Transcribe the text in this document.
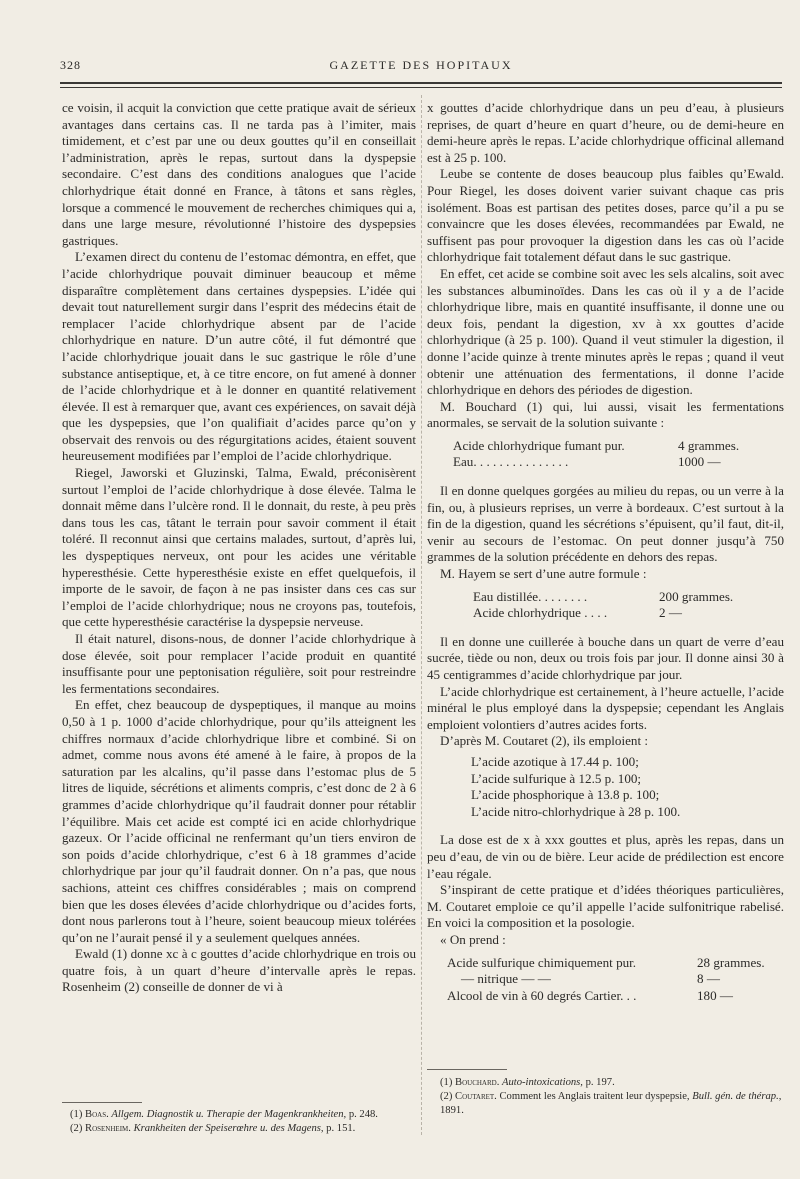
328	GAZETTE DES HOPITAUX

ce voisin, il acquit la conviction que cette pratique avait de sérieux avantages dans certains cas. Il ne tarda pas à l’imiter, mais timidement, et c’est par une ou deux gouttes qu’il en conseillait l’administration, après le repas, surtout dans la dyspepsie secondaire. C’est dans des conditions analogues que l’acide chlorhydrique était donné en France, à tâtons et sans règles, lorsque a commencé le mouvement de recherches chimiques qui a, dans une large mesure, révolutionné l’histoire des dyspepsies gastriques.

L’examen direct du contenu de l’estomac démontra, en effet, que l’acide chlorhydrique pouvait diminuer beaucoup et même disparaître complètement dans certaines dyspepsies. L’idée qui devait tout naturellement surgir dans l’esprit des médecins était de remplacer l’acide chlorhydrique absent par de l’acide chlorhydrique en nature. D’un autre côté, il fut démontré que l’acide chlorhydrique jouait dans le suc gastrique le rôle d’une substance antiseptique, et, à ce titre encore, on fut amené à donner de l’acide chlorhydrique et à le donner en quantité relativement élevée. Il est à remarquer que, avant ces expériences, on savait déjà que les dyspepsies, que l’on qualifiait d’acides parce qu’on y observait des renvois ou des régurgitations acides, étaient souvent heureusement modifiées par l’emploi de l’acide chlorhydrique.

Riegel, Jaworski et Gluzinski, Talma, Ewald, préconisèrent surtout l’emploi de l’acide chlorhydrique à dose élevée. Talma le donnait même dans l’ulcère rond. Il le donnait, du reste, à peu près dans tous les cas, tâtant le terrain pour savoir comment il était toléré. Il reconnut ainsi que certains malades, surtout, d’après lui, les dyspeptiques nerveux, ont pour les acides une véritable hyperesthésie. Cette hyperesthésie existe en effet quelquefois, il importe de le savoir, de façon à ne pas insister dans ces cas sur l’emploi de l’acide chlorhydrique; nous ne croyons pas, toutefois, que cette hyperesthésie caractérise la dyspepsie nerveuse.

Il était naturel, disons-nous, de donner l’acide chlorhydrique à dose élevée, soit pour remplacer l’acide produit en quantité insuffisante pour une peptonisation régulière, soit pour restreindre les fermentations secondaires.

En effet, chez beaucoup de dyspeptiques, il manque au moins 0,50 à 1 p. 1000 d’acide chlorhydrique, pour qu’ils atteignent les chiffres normaux d’acide chlorhydrique libre et combiné. Si on admet, comme nous avons été amené à le faire, à propos de la saturation par les alcalins, qu’il passe dans l’estomac plus de 5 litres de liquide, sécrétions et aliments compris, c’est donc de 2 à 6 grammes d’acide chlorhydrique qu’il faudrait donner pour rétablir l’équilibre. Mais cet acide est compté ici en acide chlorhydrique gazeux. Or l’acide officinal ne renfermant qu’un tiers environ de son poids d’acide chlorhydrique, c’est 6 à 18 grammes d’acide chlorhydrique par jour qu’il faudrait donner. On n’a pas, que nous sachions, atteint ces chiffres considérables ; mais on comprend bien que les doses élevées d’acide chlorhydrique ou d’acides forts, dont nous parlerons tout à l’heure, soient beaucoup mieux tolérées qu’on ne l’aurait pensé il y a seulement quelques années.

Ewald (1) donne xc à c gouttes d’acide chlorhydrique en trois ou quatre fois, à un quart d’heure d’intervalle après le repas. Rosenheim (2) conseille de donner de vi à

(1) Boas. Allgem. Diagnostik u. Therapie der Magenkrankheiten, p. 248.
(2) Rosenheim. Krankheiten der Speiserœhre u. des Magens, p. 151.

x gouttes d’acide chlorhydrique dans un peu d’eau, à plusieurs reprises, de quart d’heure en quart d’heure, ou de demi-heure en demi-heure après le repas. L’acide chlorhydrique officinal allemand est à 25 p. 100.

Leube se contente de doses beaucoup plus faibles qu’Ewald. Pour Riegel, les doses doivent varier suivant chaque cas pris isolément. Boas est partisan des petites doses, parce qu’il a pu se convaincre que les doses élevées, recommandées par Ewald, ne suffisent pas pour provoquer la digestion dans les cas où l’acide chlorhydrique fait totalement défaut dans le suc gastrique.

En effet, cet acide se combine soit avec les sels alcalins, soit avec les substances albuminoïdes. Dans les cas où il y a de l’acide chlorhydrique libre, mais en quantité insuffisante, il donne une ou deux fois, pendant la digestion, xv à xx gouttes d’acide chlorhydrique (à 25 p. 100). Quand il veut stimuler la digestion, il donne l’acide quinze à trente minutes après le repas ; quand il veut obtenir une atténuation des fermentations, il donne l’acide chlorhydrique en dehors des périodes de digestion.

M. Bouchard (1) qui, lui aussi, visait les fermentations anormales, se servait de la solution suivante :

Acide chlorhydrique fumant pur.	4 grammes.
Eau. . . . . . . . . . . . . . .	1000 —

Il en donne quelques gorgées au milieu du repas, ou un verre à la fin, ou, à plusieurs reprises, un verre à bordeaux. C’est surtout à la fin de la digestion, quand les sécrétions s’épuisent, qu’il faut, dit-il, venir au secours de l’estomac. On peut donner jusqu’à 750 grammes de la solution précédente en dehors des repas.

M. Hayem se sert d’une autre formule :

Eau distillée. . . . . . . .	200 grammes.
Acide chlorhydrique . . . .	2 —

Il en donne une cuillerée à bouche dans un quart de verre d’eau sucrée, tiède ou non, deux ou trois fois par jour. Il donne ainsi 30 à 45 centigrammes d’acide chlorhydrique par jour.

L’acide chlorhydrique est certainement, à l’heure actuelle, l’acide minéral le plus employé dans la dyspepsie; cependant les Anglais emploient volontiers d’autres acides forts.

D’après M. Coutaret (2), ils emploient :

L’acide azotique à 17.44 p. 100;
L’acide sulfurique à 12.5 p. 100;
L’acide phosphorique à 13.8 p. 100;
L’acide nitro-chlorhydrique à 28 p. 100.

La dose est de x à xxx gouttes et plus, après les repas, dans un peu d’eau, de vin ou de bière. Leur acide de prédilection est encore l’eau régale.

S’inspirant de cette pratique et d’idées théoriques particulières, M. Coutaret emploie ce qu’il appelle l’acide sulfonitrique rabelisé. En voici la composition et la posologie.

« On prend :

Acide sulfurique chimiquement pur.	28 grammes.
— nitrique — —	8 —
Alcool de vin à 60 degrés Cartier. . .	180 —
(1) Bouchard. Auto-intoxications, p. 197.
(2) Coutaret. Comment les Anglais traitent leur dyspepsie, Bull. gén. de thérap., 1891.
